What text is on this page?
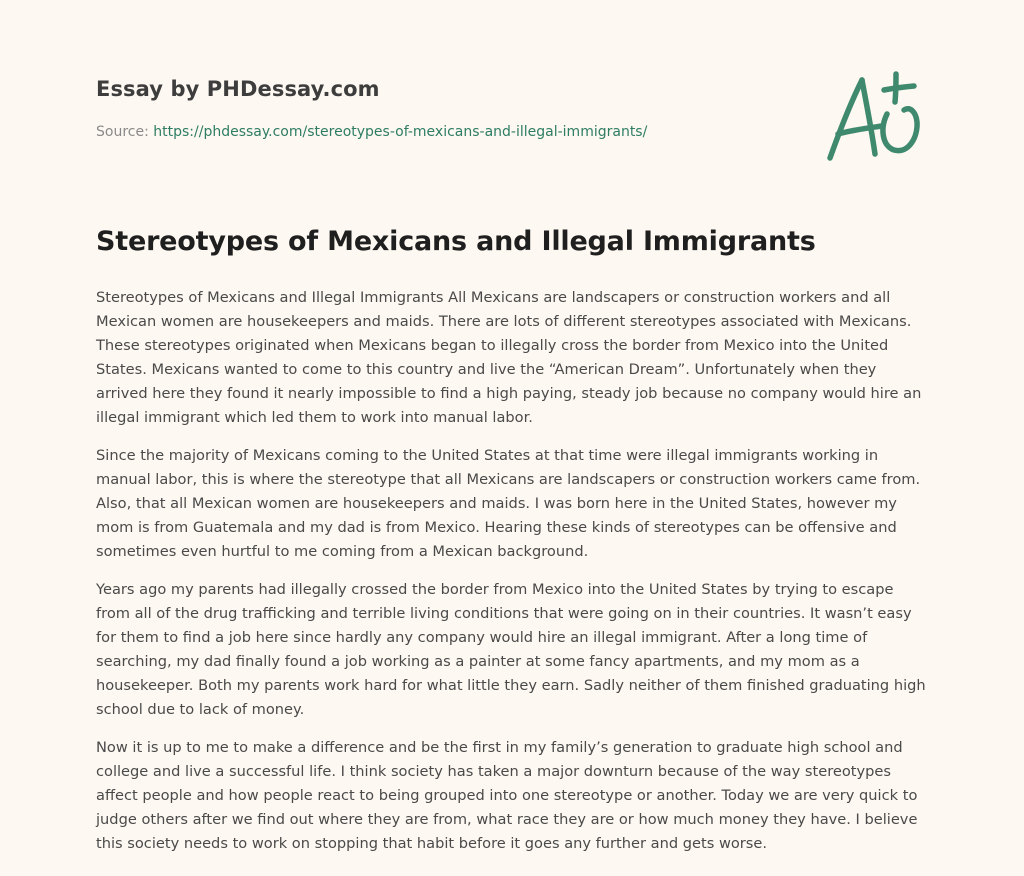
Essay by PHDessay.com
Source: https://phdessay.com/stereotypes-of-mexicans-and-illegal-immigrants/
Stereotypes of Mexicans and Illegal Immigrants

Stereotypes of Mexicans and Illegal Immigrants All Mexicans are landscapers or construction workers and all Mexican women are housekeepers and maids. There are lots of different stereotypes associated with Mexicans. These stereotypes originated when Mexicans began to illegally cross the border from Mexico into the United States. Mexicans wanted to come to this country and live the “American Dream”. Unfortunately when they arrived here they found it nearly impossible to find a high paying, steady job because no company would hire an illegal immigrant which led them to work into manual labor.

Since the majority of Mexicans coming to the United States at that time were illegal immigrants working in manual labor, this is where the stereotype that all Mexicans are landscapers or construction workers came from. Also, that all Mexican women are housekeepers and maids. I was born here in the United States, however my mom is from Guatemala and my dad is from Mexico. Hearing these kinds of stereotypes can be offensive and sometimes even hurtful to me coming from a Mexican background.

Years ago my parents had illegally crossed the border from Mexico into the United States by trying to escape from all of the drug trafficking and terrible living conditions that were going on in their countries. It wasn’t easy for them to find a job here since hardly any company would hire an illegal immigrant. After a long time of searching, my dad finally found a job working as a painter at some fancy apartments, and my mom as a housekeeper. Both my parents work hard for what little they earn. Sadly neither of them finished graduating high school due to lack of money.

Now it is up to me to make a difference and be the first in my family’s generation to graduate high school and college and live a successful life. I think society has taken a major downturn because of the way stereotypes affect people and how people react to being grouped into one stereotype or another. Today we are very quick to judge others after we find out where they are from, what race they are or how much money they have. I believe this society needs to work on stopping that habit before it goes any further and gets worse.
